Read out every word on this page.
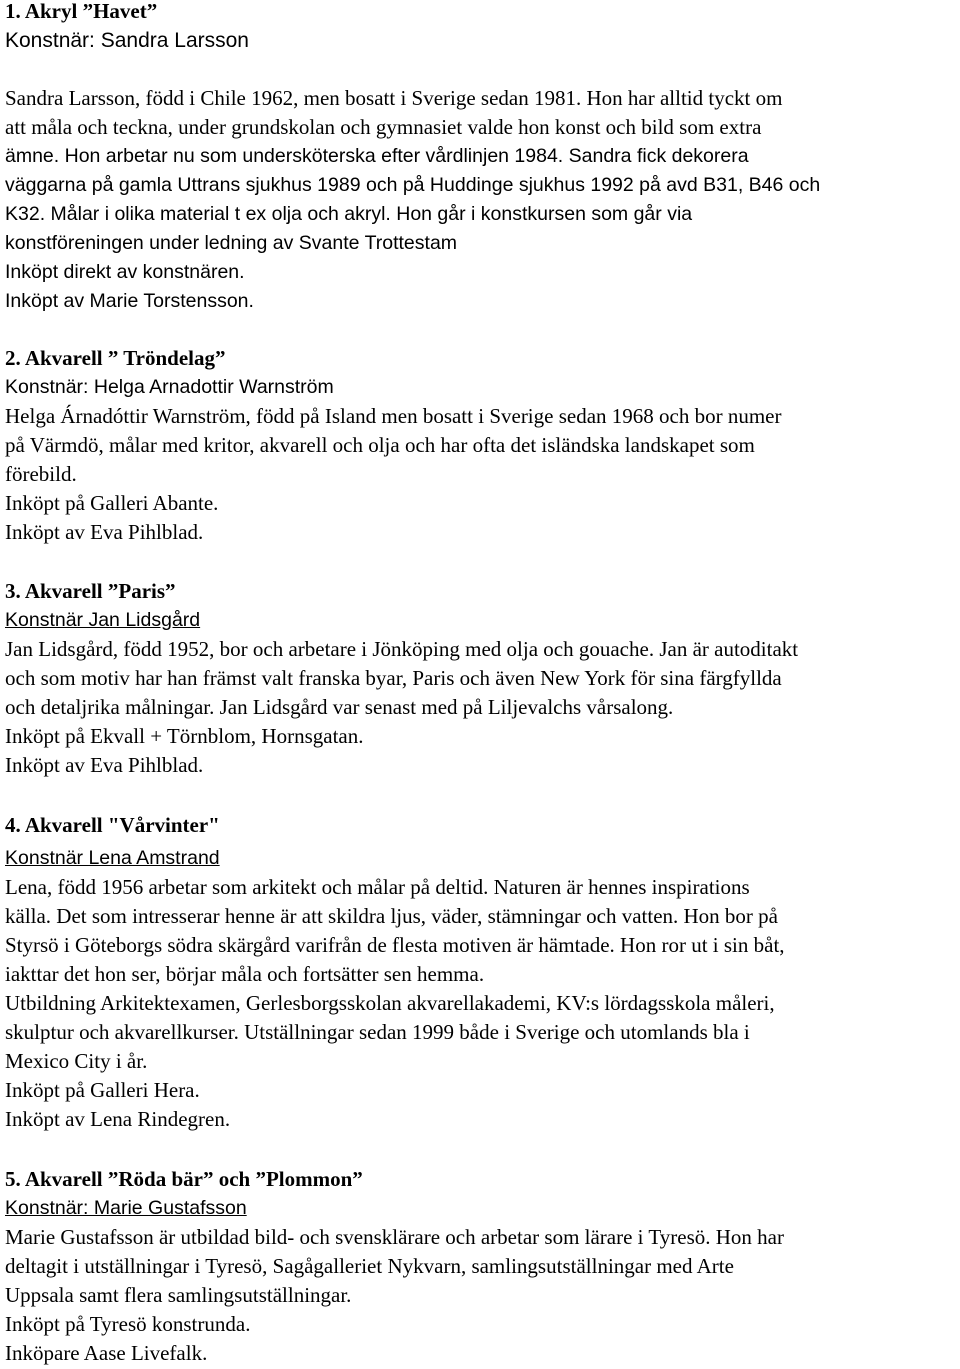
1. Akryl ”Havet”
Konstnär: Sandra Larsson
Sandra Larsson, född i Chile 1962, men bosatt i Sverige sedan 1981. Hon har alltid tyckt om
att måla och teckna, under grundskolan och gymnasiet valde hon konst och bild som extra
ämne. Hon arbetar nu som undersköterska efter vårdlinjen 1984. Sandra fick dekorera
väggarna på gamla Uttrans sjukhus 1989 och på Huddinge sjukhus 1992 på avd B31, B46 och
K32. Målar i olika material t ex olja och akryl. Hon går i konstkursen som går via
konstföreningen under ledning av Svante Trottestam
Inköpt direkt av konstnären.
Inköpt av Marie Torstensson.
2. Akvarell ” Tröndelag”
Konstnär: Helga Arnadottir Warnström
Helga Árnadóttir Warnström, född på Island men bosatt i Sverige sedan 1968 och bor numer
på Värmdö, målar med kritor, akvarell och olja och har ofta det isländska landskapet som
förebild.
Inköpt på Galleri Abante.
Inköpt av Eva Pihlblad.
3. Akvarell ”Paris”
Konstnär Jan Lidsgård
Jan Lidsgård, född 1952, bor och arbetare i Jönköping med olja och gouache. Jan är autoditakt
och som motiv har han främst valt franska byar, Paris och även New York för sina färgfyllda
och detaljrika målningar. Jan Lidsgård var senast med på Liljevalchs vårsalong.
Inköpt på Ekvall + Törnblom, Hornsgatan.
Inköpt av Eva Pihlblad.
4. Akvarell "Vårvinter"
Konstnär Lena Amstrand
Lena, född 1956 arbetar som arkitekt och målar på deltid. Naturen är hennes inspirations
källa. Det som intresserar henne är att skildra ljus, väder, stämningar och vatten. Hon bor på
Styrsö i Göteborgs södra skärgård varifrån de flesta motiven är hämtade. Hon ror ut i sin båt,
iakttar det hon ser, börjar måla och fortsätter sen hemma.
Utbildning Arkitektexamen, Gerlesborgsskolan akvarellakademi, KV:s lördagsskola måleri,
skulptur och akvarellkurser. Utställningar sedan 1999 både i Sverige och utomlands bla i
Mexico City i år.
Inköpt på Galleri Hera.
Inköpt av Lena Rindegren.
5. Akvarell ”Röda bär” och ”Plommon”
Konstnär: Marie Gustafsson
Marie Gustafsson är utbildad bild- och svensklärare och arbetar som lärare i Tyresö. Hon har
deltagit i utställningar i Tyresö, Sagågalleriet Nykvarn, samlingsutställningar med Arte
Uppsala samt flera samlingsutställningar.
Inköpt på Tyresö konstrunda.
Inköpare Aase Livefalk.
